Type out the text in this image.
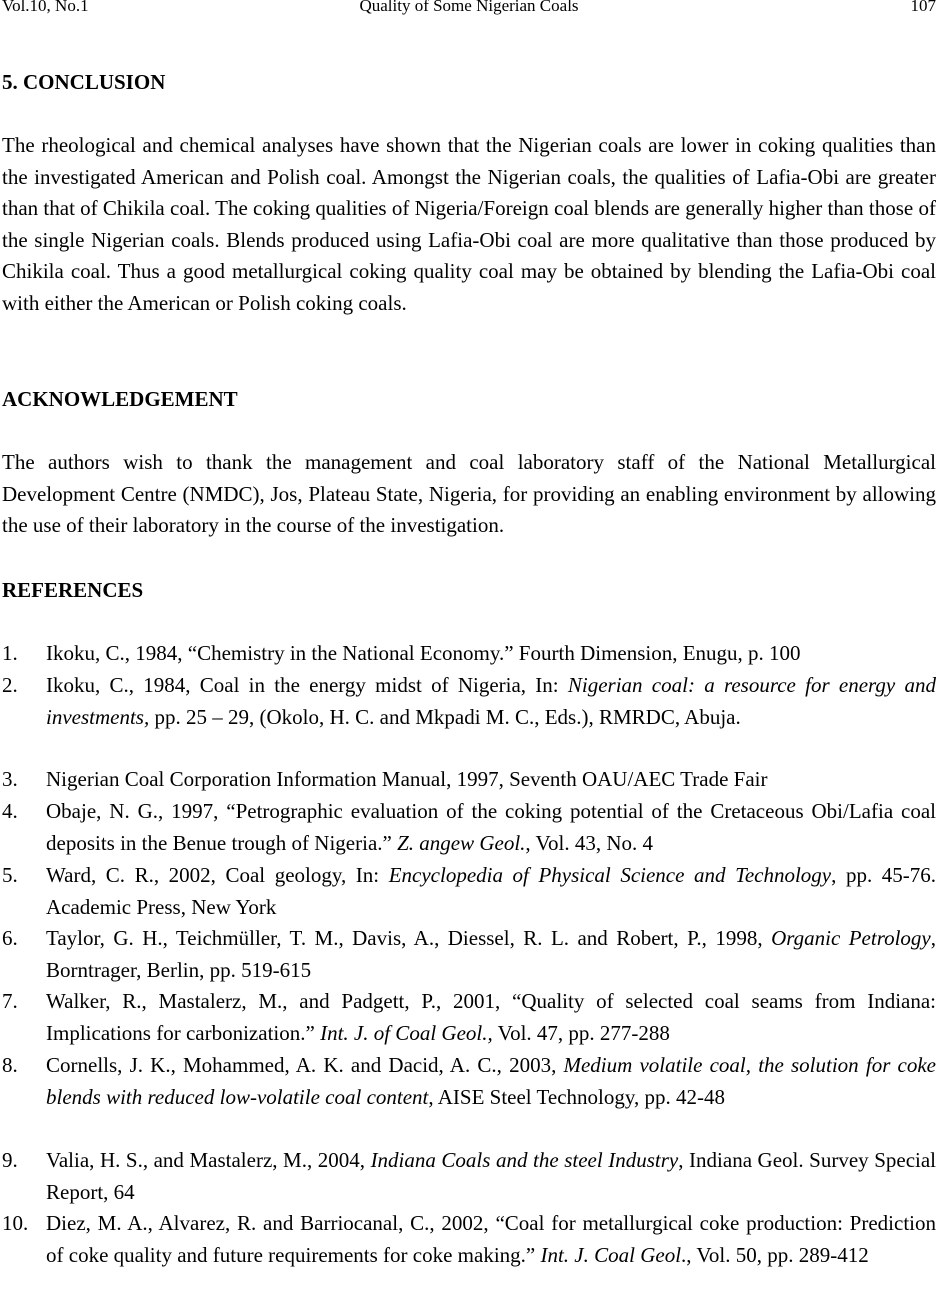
Vol.10, No.1	Quality of Some Nigerian Coals	107
5. CONCLUSION

The rheological and chemical analyses have shown that the Nigerian coals are lower in coking qualities than the investigated American and Polish coal. Amongst the Nigerian coals, the qualities of Lafia-Obi are greater than that of Chikila coal. The coking qualities of Nigeria/Foreign coal blends are generally higher than those of the single Nigerian coals. Blends produced using Lafia-Obi coal are more qualitative than those produced by Chikila coal. Thus a good metallurgical coking quality coal may be obtained by blending the Lafia-Obi coal with either the American or Polish coking coals.

ACKNOWLEDGEMENT

The authors wish to thank the management and coal laboratory staff of the National Metallurgical Development Centre (NMDC), Jos, Plateau State, Nigeria, for providing an enabling environment by allowing the use of their laboratory in the course of the investigation.

REFERENCES
1. Ikoku, C., 1984, “Chemistry in the National Economy.” Fourth Dimension, Enugu, p. 100
2. Ikoku, C., 1984, Coal in the energy midst of Nigeria, In: Nigerian coal: a resource for energy and investments, pp. 25 – 29, (Okolo, H. C. and Mkpadi M. C., Eds.), RMRDC, Abuja.
3. Nigerian Coal Corporation Information Manual, 1997, Seventh OAU/AEC Trade Fair
4. Obaje, N. G., 1997, “Petrographic evaluation of the coking potential of the Cretaceous Obi/Lafia coal deposits in the Benue trough of Nigeria.” Z. angew Geol., Vol. 43, No. 4
5. Ward, C. R., 2002, Coal geology, In: Encyclopedia of Physical Science and Technology, pp. 45-76. Academic Press, New York
6. Taylor, G. H., Teichmüller, T. M., Davis, A., Diessel, R. L. and Robert, P., 1998, Organic Petrology, Borntrager, Berlin, pp. 519-615
7. Walker, R., Mastalerz, M., and Padgett, P., 2001, “Quality of selected coal seams from Indiana: Implications for carbonization.” Int. J. of Coal Geol., Vol. 47, pp. 277-288
8. Cornells, J. K., Mohammed, A. K. and Dacid, A. C., 2003, Medium volatile coal, the solution for coke blends with reduced low-volatile coal content, AISE Steel Technology, pp. 42-48
9. Valia, H. S., and Mastalerz, M., 2004, Indiana Coals and the steel Industry, Indiana Geol. Survey Special Report, 64
10. Diez, M. A., Alvarez, R. and Barriocanal, C., 2002, “Coal for metallurgical coke production: Prediction of coke quality and future requirements for coke making.” Int. J. Coal Geol., Vol. 50, pp. 289-412
